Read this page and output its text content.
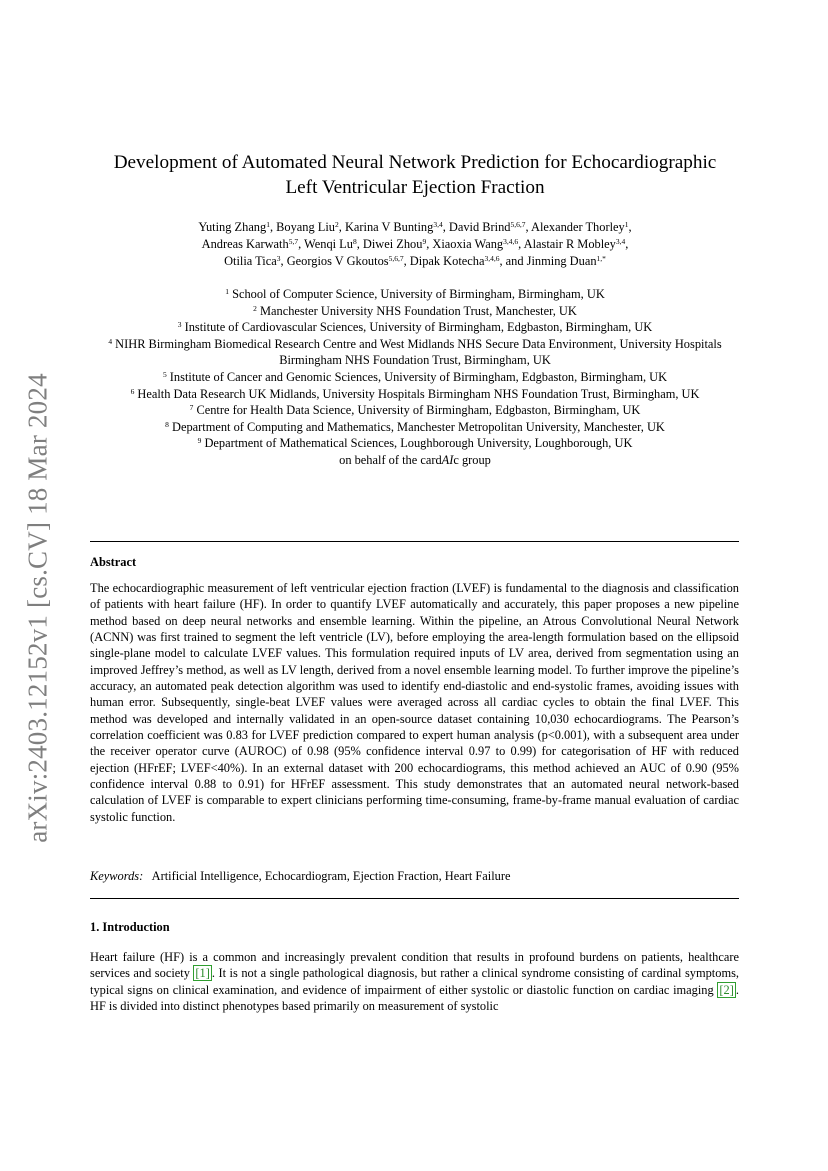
arXiv:2403.12152v1 [cs.CV] 18 Mar 2024
Development of Automated Neural Network Prediction for Echocardiographic
Left Ventricular Ejection Fraction
Yuting Zhang$^1$, Boyang Liu$^2$, Karina V Bunting$^{3,4}$, David Brind$^{5,6,7}$, Alexander Thorley$^1$,
Andreas Karwath$^{5,7}$, Wenqi Lu$^8$, Diwei Zhou$^9$, Xiaoxia Wang$^{3,4,6}$, Alastair R Mobley$^{3,4}$,
Otilia Tica$^3$, Georgios V Gkoutos$^{5,6,7}$, Dipak Kotecha$^{3,4,6}$, and Jinming Duan$^{1,*}$
$^1$ School of Computer Science, University of Birmingham, Birmingham, UK
$^2$ Manchester University NHS Foundation Trust, Manchester, UK
$^3$ Institute of Cardiovascular Sciences, University of Birmingham, Edgbaston, Birmingham, UK
$^4$ NIHR Birmingham Biomedical Research Centre and West Midlands NHS Secure Data Environment, University Hospitals Birmingham NHS Foundation Trust, Birmingham, UK
$^5$ Institute of Cancer and Genomic Sciences, University of Birmingham, Edgbaston, Birmingham, UK
$^6$ Health Data Research UK Midlands, University Hospitals Birmingham NHS Foundation Trust, Birmingham, UK
$^7$ Centre for Health Data Science, University of Birmingham, Edgbaston, Birmingham, UK
$^8$ Department of Computing and Mathematics, Manchester Metropolitan University, Manchester, UK
$^9$ Department of Mathematical Sciences, Loughborough University, Loughborough, UK
on behalf of the cardAIc group
Abstract
The echocardiographic measurement of left ventricular ejection fraction (LVEF) is fundamental to the diagnosis and classification of patients with heart failure (HF). In order to quantify LVEF automatically and accurately, this paper proposes a new pipeline method based on deep neural networks and ensemble learning. Within the pipeline, an Atrous Convolutional Neural Network (ACNN) was first trained to segment the left ventricle (LV), before employing the area-length formulation based on the ellipsoid single-plane model to calculate LVEF values. This formulation required inputs of LV area, derived from segmentation using an improved Jeffrey’s method, as well as LV length, derived from a novel ensemble learning model. To further improve the pipeline’s accuracy, an automated peak detection algorithm was used to identify end-diastolic and end-systolic frames, avoiding issues with human error. Subsequently, single-beat LVEF values were averaged across all cardiac cycles to obtain the final LVEF. This method was developed and internally validated in an open-source dataset containing 10,030 echocardiograms. The Pearson’s correlation coefficient was 0.83 for LVEF prediction compared to expert human analysis (p<0.001), with a subsequent area under the receiver operator curve (AUROC) of 0.98 (95% confidence interval 0.97 to 0.99) for categorisation of HF with reduced ejection (HFrEF; LVEF<40%). In an external dataset with 200 echocardiograms, this method achieved an AUC of 0.90 (95% confidence interval 0.88 to 0.91) for HFrEF assessment. This study demonstrates that an automated neural network-based calculation of LVEF is comparable to expert clinicians performing time-consuming, frame-by-frame manual evaluation of cardiac systolic function.
Keywords: Artificial Intelligence, Echocardiogram, Ejection Fraction, Heart Failure
1. Introduction
Heart failure (HF) is a common and increasingly prevalent condition that results in profound burdens on patients, healthcare services and society [1] . It is not a single pathological diagnosis, but rather a clinical syndrome consisting of cardinal symptoms, typical signs on clinical examination, and evidence of impairment of either systolic or diastolic function on cardiac imaging [2] . HF is divided into distinct phenotypes based primarily on measurement of systolic
